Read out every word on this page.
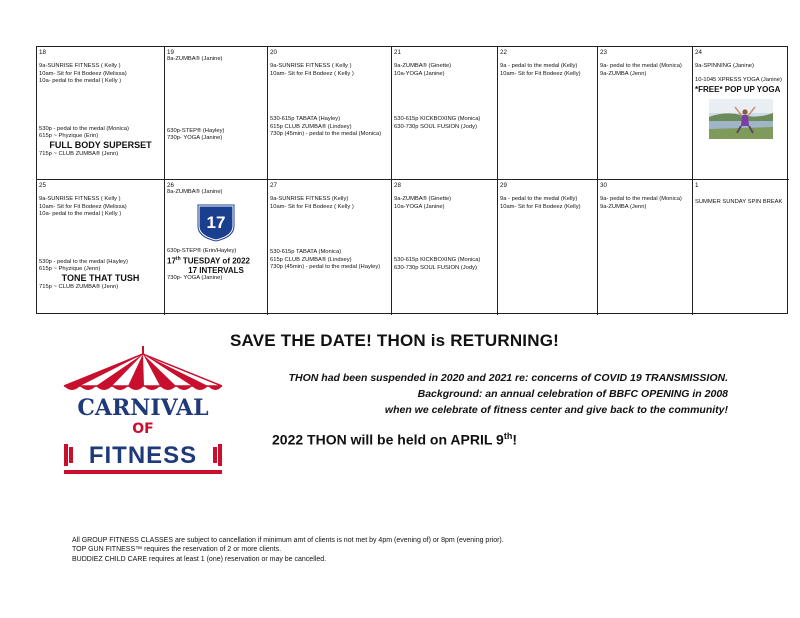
18
9a-SUNRISE FITNESS ( Kelly )
10am- Sit for Fit Bodeez (Melissa)
10a- pedal to the medal ( Kelly )
530p - pedal to the medal (Monica)
615p ~ Phyzique (Erin)
FULL BODY SUPERSET
715p ~ CLUB ZUMBA® (Jenn)
19
8a-ZUMBA® (Janine)
630p-STEP® (Hayley)
730p- YOGA (Janine)
20
9a-SUNRISE FITNESS ( Kelly )
10am- Sit for Fit Bodeez ( Kelly )
530-615p TABATA (Hayley)
615p CLUB ZUMBA® (Lindsey)
730p (45min) - pedal to the medal (Monica)
21
9a-ZUMBA® (Ginette)
10a-YOGA (Janine)
530-615p KICKBOXING (Monica)
630-730p SOUL FUSION (Jody)
22
9a - pedal to the medal (Kelly)
10am- Sit for Fit Bodeez (Kelly)
23
9a- pedal to the medal (Monica)
9a-ZUMBA (Jenn)
24
9a-SPINNING (Janine)
10-1045 XPRESS YOGA (Janine)
*FREE* POP UP YOGA
25
9a-SUNRISE FITNESS ( Kelly )
10am- Sit for Fit Bodeez (Melissa)
10a- pedal to the medal ( Kelly )
530p - pedal to the medal (Hayley)
615p ~ Phyzique (Jenn)
TONE THAT TUSH
715p ~ CLUB ZUMBA® (Jenn)
26
8a-ZUMBA® (Janine)
17
630p-STEP® (Erin/Hayley)
17th TUESDAY of 2022
17 INTERVALS
730p- YOGA (Janine)
27
9a-SUNRISE FITNESS (Kelly)
10am- Sit for Fit Bodeez ( Kelly )
530-615p TABATA (Monica)
615p CLUB ZUMBA® (Lindsey)
730p (45min) - pedal to the medal (Hayley)
28
9a-ZUMBA® (Ginette)
10a-YOGA (Janine)
530-615p KICKBOXING (Monica)
630-730p SOUL FUSION (Jody)
29
9a - pedal to the medal (Kelly)
10am- Sit for Fit Bodeez (Kelly)
30
9a- pedal to the medal (Monica)
9a-ZUMBA (Jenn)
1
SUMMER SUNDAY SPIN BREAK
SAVE THE DATE! THON is RETURNING!
THON had been suspended in 2020 and 2021 re: concerns of COVID 19 TRANSMISSION.
Background: an annual celebration of BBFC OPENING in 2008
when we celebrate of fitness center and give back to the community!
2022 THON will be held on APRIL 9th!
CARNIVAL
OF
FITNESS
All GROUP FITNESS CLASSES are subject to cancellation if minimum amt of clients is not met by 4pm (evening of) or 8pm (evening prior).
TOP GUN FITNESS™ requires the reservation of 2 or more clients.
BUDDIEZ CHILD CARE requires at least 1 (one) reservation or may be cancelled.
